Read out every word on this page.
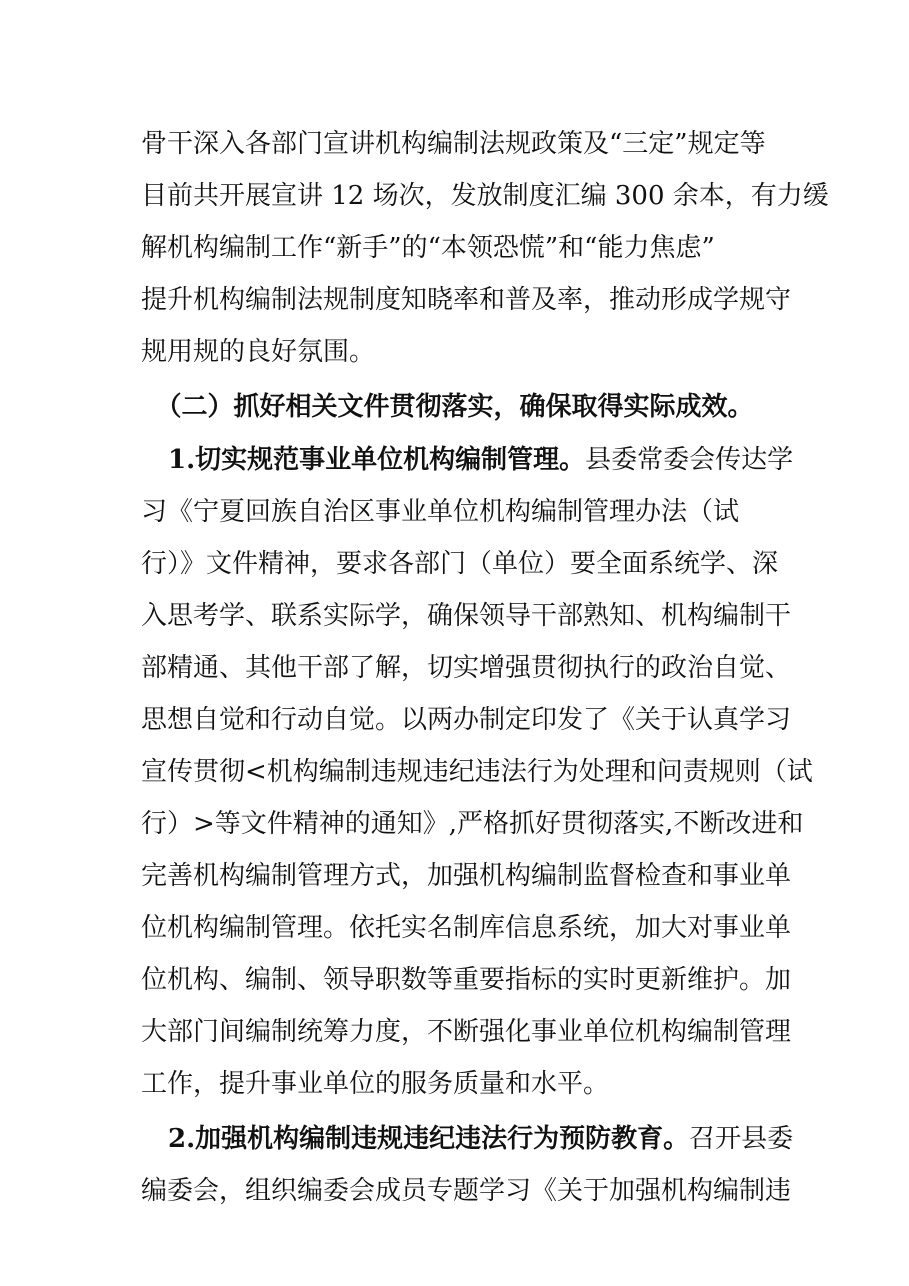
骨干深入各部门宣讲机构编制法规政策及“三定”规定等
目前共开展宣讲 12 场次，发放制度汇编 300 余本，有力缓
解机构编制工作“新手”的“本领恐慌”和“能力焦虑”
提升机构编制法规制度知晓率和普及率，推动形成学规守
规用规的良好氛围。
（二）抓好相关文件贯彻落实，确保取得实际成效。
1.切实规范事业单位机构编制管理。县委常委会传达学
习《宁夏回族自治区事业单位机构编制管理办法（试
行）》文件精神，要求各部门（单位）要全面系统学、深
入思考学、联系实际学，确保领导干部熟知、机构编制干
部精通、其他干部了解，切实增强贯彻执行的政治自觉、
思想自觉和行动自觉。以两办制定印发了《关于认真学习
宣传贯彻<机构编制违规违纪违法行为处理和问责规则（试
行）>等文件精神的通知》,严格抓好贯彻落实,不断改进和
完善机构编制管理方式，加强机构编制监督检查和事业单
位机构编制管理。依托实名制库信息系统，加大对事业单
位机构、编制、领导职数等重要指标的实时更新维护。加
大部门间编制统筹力度，不断强化事业单位机构编制管理
工作，提升事业单位的服务质量和水平。
2.加强机构编制违规违纪违法行为预防教育。召开县委
编委会，组织编委会成员专题学习《关于加强机构编制违
